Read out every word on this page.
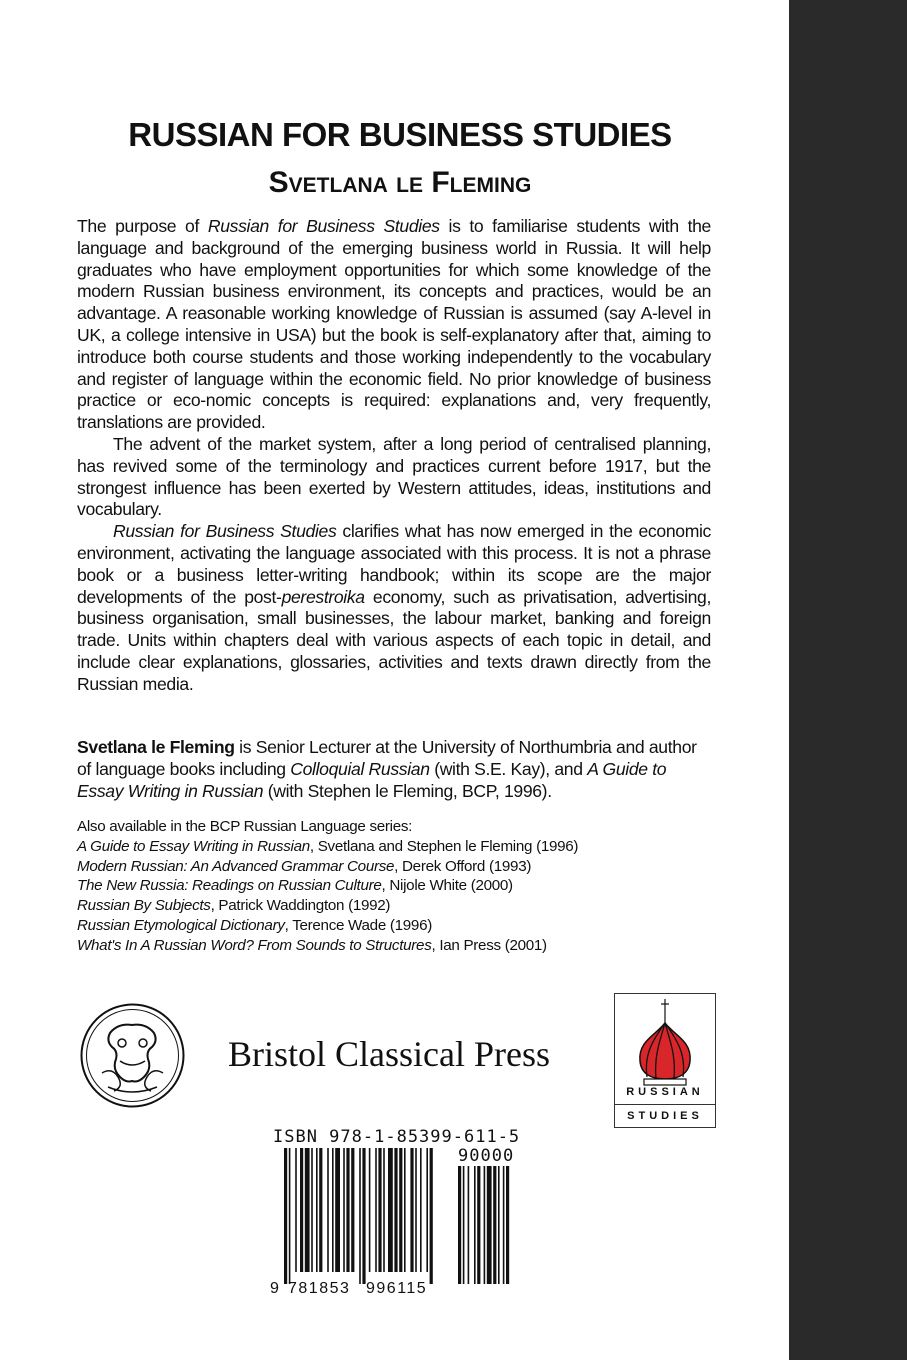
RUSSIAN FOR BUSINESS STUDIES
Svetlana le Fleming

The purpose of Russian for Business Studies is to familiarise students with the language and background of the emerging business world in Russia. It will help graduates who have employment opportunities for which some knowledge of the modern Russian business environment, its concepts and practices, would be an advantage. A reasonable working knowledge of Russian is assumed (say A-level in UK, a college intensive in USA) but the book is self-explanatory after that, aiming to introduce both course students and those working independently to the vocabulary and register of language within the economic field. No prior knowledge of business practice or eco-nomic concepts is required: explanations and, very frequently, translations are provided.

The advent of the market system, after a long period of centralised planning, has revived some of the terminology and practices current before 1917, but the strongest influence has been exerted by Western attitudes, ideas, institutions and vocabulary.

Russian for Business Studies clarifies what has now emerged in the economic environment, activating the language associated with this process. It is not a phrase book or a business letter-writing handbook; within its scope are the major developments of the post-perestroika economy, such as privatisation, advertising, business organisation, small businesses, the labour market, banking and foreign trade. Units within chapters deal with various aspects of each topic in detail, and include clear explanations, glossaries, activities and texts drawn directly from the Russian media.

Svetlana le Fleming is Senior Lecturer at the University of Northumbria and author of language books including Colloquial Russian (with S.E. Kay), and A Guide to Essay Writing in Russian (with Stephen le Fleming, BCP, 1996).
Also available in the BCP Russian Language series:
A Guide to Essay Writing in Russian, Svetlana and Stephen le Fleming (1996)
Modern Russian: An Advanced Grammar Course, Derek Offord (1993)
The New Russia: Readings on Russian Culture, Nijole White (2000)
Russian By Subjects, Patrick Waddington (1992)
Russian Etymological Dictionary, Terence Wade (1996)
What's In A Russian Word? From Sounds to Structures, Ian Press (2001)
Bristol Classical Press
RUSSIAN
STUDIES
ISBN 978-1-85399-611-5
90000
9 781853 996115
